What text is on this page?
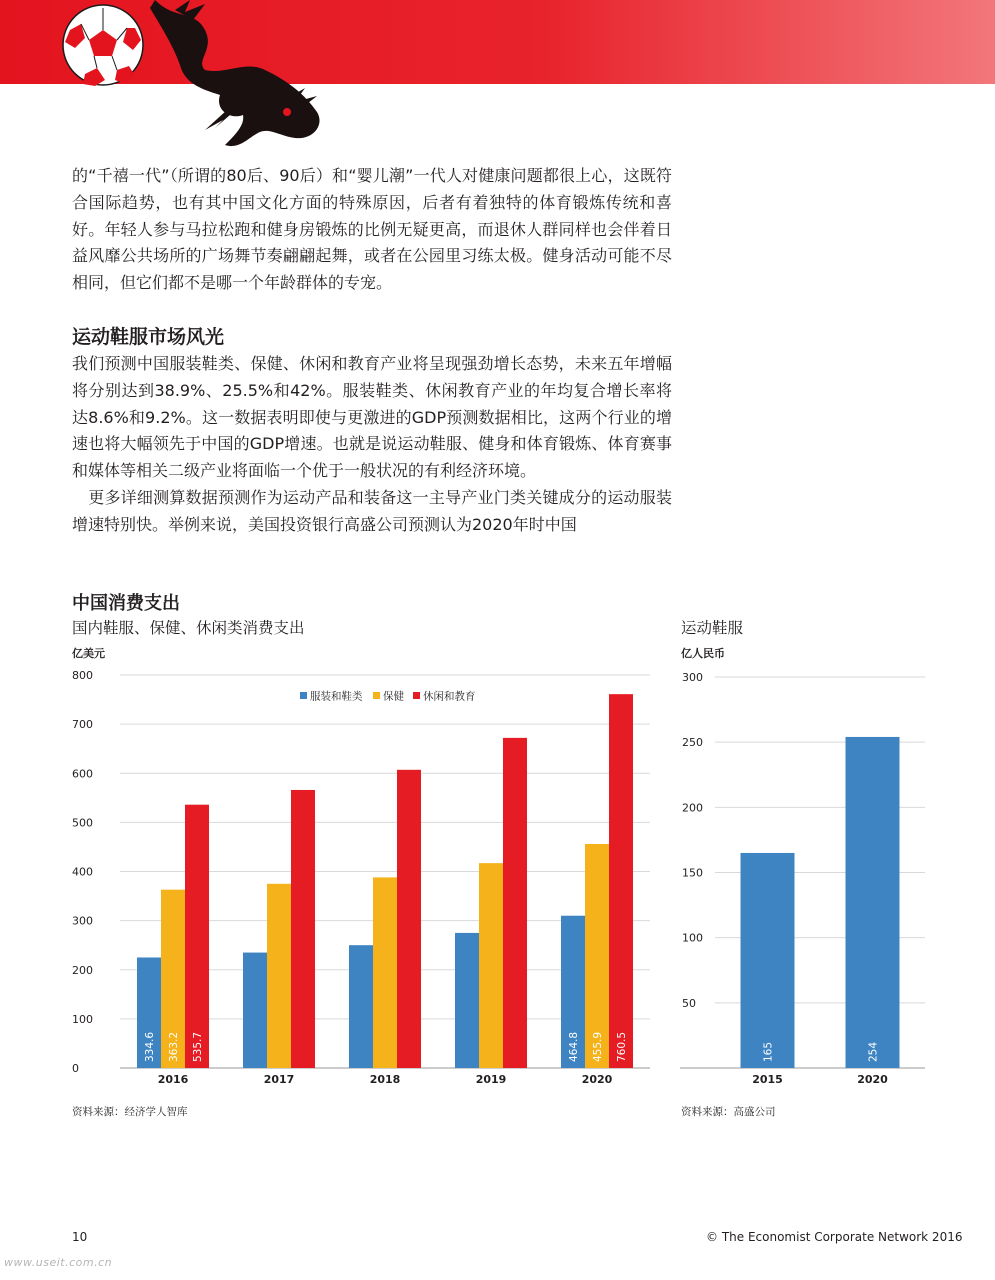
的“千禧一代”（所谓的80后、90后）和“婴儿潮”一代人对健康问题都很上心，这既符合国际趋势，也有其中国文化方面的特殊原因，后者有着独特的体育锻炼传统和喜好。年轻人参与马拉松跑和健身房锻炼的比例无疑更高，而退休人群同样也会伴着日益风靡公共场所的广场舞节奏翩翩起舞，或者在公园里习练太极。健身活动可能不尽相同，但它们都不是哪一个年龄群体的专宠。

运动鞋服市场风光

我们预测中国服装鞋类、保健、休闲和教育产业将呈现强劲增长态势，未来五年增幅将分别达到38.9%、25.5%和42%。服装鞋类、休闲教育产业的年均复合增长率将达8.6%和9.2%。这一数据表明即使与更激进的GDP预测数据相比，这两个行业的增速也将大幅领先于中国的GDP增速。也就是说运动鞋服、健身和体育锻炼、体育赛事和媒体等相关二级产业将面临一个优于一般状况的有利经济环境。

　更多详细测算数据预测作为运动产品和装备这一主导产业门类关键成分的运动服装增速特别快。举例来说，美国投资银行高盛公司预测认为2020年时中国

中国消费支出
国内鞋服、保健、休闲类消费支出
亿美元
运动鞋服
亿人民币
0
100
200
300
400
500
600
700
800
服装和鞋类 保健 休闲和教育
334.6 363.2 535.7
2016	2017	2018	2019
464.8 455.9 760.5
2020
50
100
150
200
250
300
165
2015
254
2020
资料来源：经济学人智库	资料来源：高盛公司
10	© The Economist Corporate Network 2016
www.useit.com.cn
